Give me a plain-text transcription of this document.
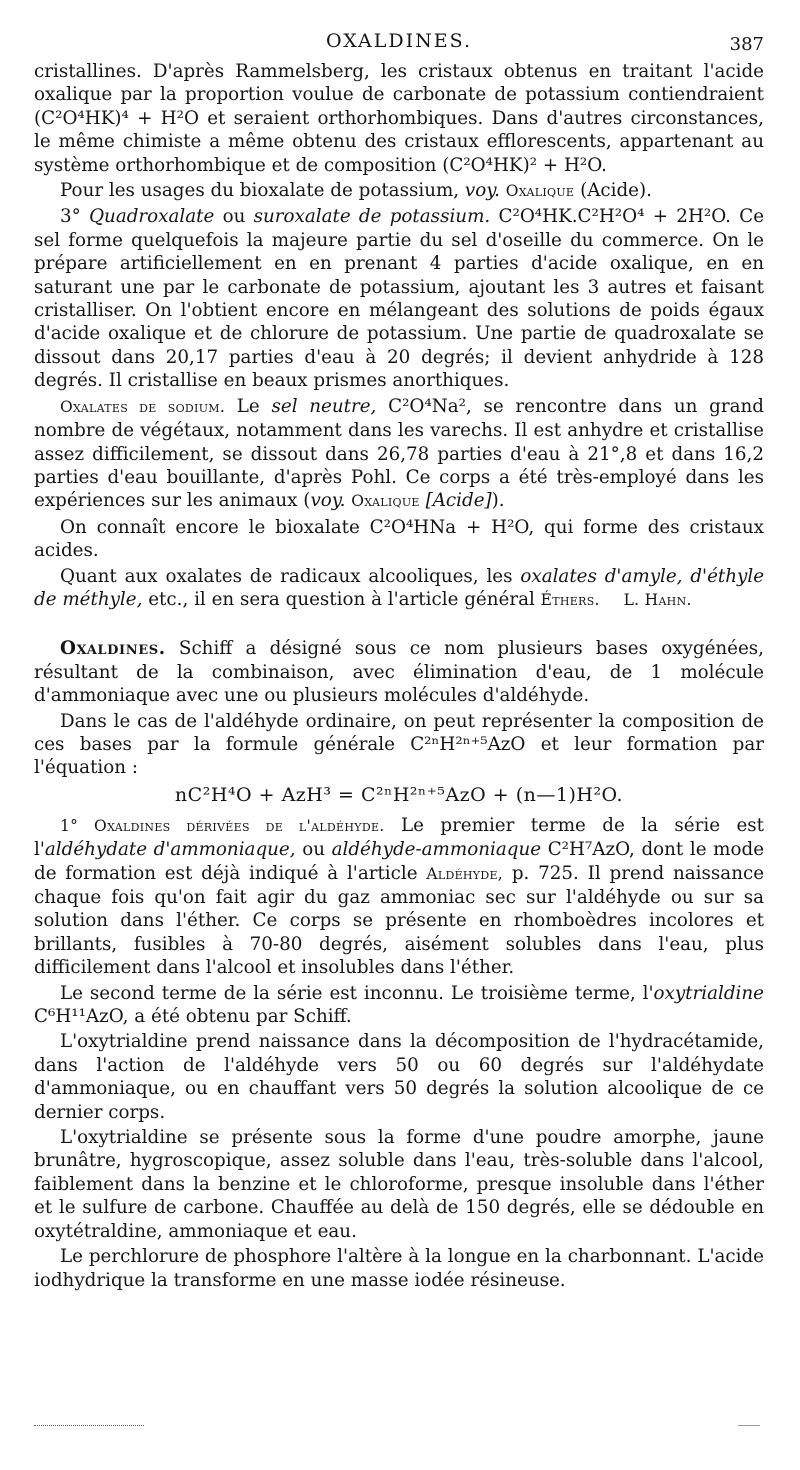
OXALDINES.	387

cristallines. D'après Rammelsberg, les cristaux obtenus en traitant l'acide oxalique par la proportion voulue de carbonate de potassium contiendraient (C²O⁴HK)⁴ + H²O et seraient orthorhombiques. Dans d'autres circonstances, le même chimiste a même obtenu des cristaux efflorescents, appartenant au système orthorhombique et de composition (C²O⁴HK)² + H²O.

Pour les usages du bioxalate de potassium, voy. Oxalique (Acide).

3° Quadroxalate ou suroxalate de potassium. C²O⁴HK.C²H²O⁴ + 2H²O. Ce sel forme quelquefois la majeure partie du sel d'oseille du commerce. On le prépare artificiellement en en prenant 4 parties d'acide oxalique, en en saturant une par le carbonate de potassium, ajoutant les 3 autres et faisant cristalliser. On l'obtient encore en mélangeant des solutions de poids égaux d'acide oxalique et de chlorure de potassium. Une partie de quadroxalate se dissout dans 20,17 parties d'eau à 20 degrés; il devient anhydride à 128 degrés. Il cristallise en beaux prismes anorthiques.

Oxalates de sodium. Le sel neutre, C²O⁴Na², se rencontre dans un grand nombre de végétaux, notamment dans les varechs. Il est anhydre et cristallise assez difficilement, se dissout dans 26,78 parties d'eau à 21°,8 et dans 16,2 parties d'eau bouillante, d'après Pohl. Ce corps a été très-employé dans les expériences sur les animaux (voy. Oxalique [Acide]).

On connaît encore le bioxalate C²O⁴HNa + H²O, qui forme des cristaux acides.

Quant aux oxalates de radicaux alcooliques, les oxalates d'amyle, d'éthyle de méthyle, etc., il en sera question à l'article général Éthers. L. Hahn.

Oxaldines. Schiff a désigné sous ce nom plusieurs bases oxygénées, résultant de la combinaison, avec élimination d'eau, de 1 molécule d'ammoniaque avec une ou plusieurs molécules d'aldéhyde.

Dans le cas de l'aldéhyde ordinaire, on peut représenter la composition de ces bases par la formule générale C²ⁿH²ⁿ⁺⁵AzO et leur formation par l'équation :

nC²H⁴O + AzH³ = C²ⁿH²ⁿ⁺⁵AzO + (n—1)H²O.

1° Oxaldines dérivées de l'aldéhyde. Le premier terme de la série est l'aldéhydate d'ammoniaque, ou aldéhyde-ammoniaque C²H⁷AzO, dont le mode de formation est déjà indiqué à l'article Aldéhyde, p. 725. Il prend naissance chaque fois qu'on fait agir du gaz ammoniac sec sur l'aldéhyde ou sur sa solution dans l'éther. Ce corps se présente en rhomboèdres incolores et brillants, fusibles à 70-80 degrés, aisément solubles dans l'eau, plus difficilement dans l'alcool et insolubles dans l'éther.

Le second terme de la série est inconnu. Le troisième terme, l'oxytrialdine C⁶H¹¹AzO, a été obtenu par Schiff.

L'oxytrialdine prend naissance dans la décomposition de l'hydracétamide, dans l'action de l'aldéhyde vers 50 ou 60 degrés sur l'aldéhydate d'ammoniaque, ou en chauffant vers 50 degrés la solution alcoolique de ce dernier corps.

L'oxytrialdine se présente sous la forme d'une poudre amorphe, jaune brunâtre, hygroscopique, assez soluble dans l'eau, très-soluble dans l'alcool, faiblement dans la benzine et le chloroforme, presque insoluble dans l'éther et le sulfure de carbone. Chauffée au delà de 150 degrés, elle se dédouble en oxytétraldine, ammoniaque et eau.

Le perchlorure de phosphore l'altère à la longue en la charbonnant. L'acide iodhydrique la transforme en une masse iodée résineuse.
